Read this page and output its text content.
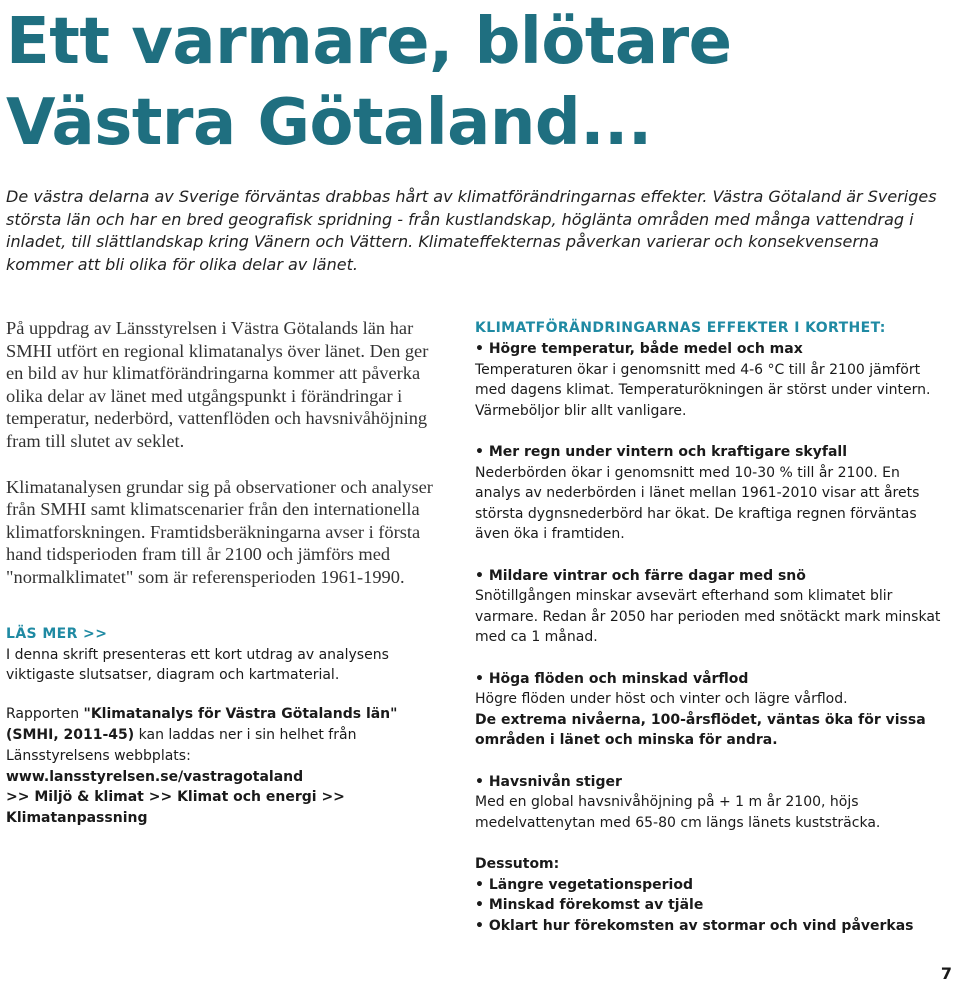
Ett varmare, blötare
Västra Götaland...

De västra delarna av Sverige förväntas drabbas hårt av klimatförändringarnas effekter. Västra Götaland är Sveriges största län och har en bred geografisk spridning - från kustlandskap, höglänta områden med många vattendrag i inladet, till slättlandskap kring Vänern och Vättern. Klimateffekternas påverkan varierar och konsekvenserna kommer att bli olika för olika delar av länet.

På uppdrag av Länsstyrelsen i Västra Götalands län har SMHI utfört en regional klimatanalys över länet. Den ger en bild av hur klimatförändringarna kommer att påverka olika delar av länet med utgångspunkt i förändringar i temperatur, nederbörd, vattenflöden och havsnivåhöjning fram till slutet av seklet.

Klimatanalysen grundar sig på observationer och analyser från SMHI samt klimatscenarier från den internationella klimatforskningen. Framtidsberäkningarna avser i första hand tidsperioden fram till år 2100 och jämförs med "normalklimatet" som är referensperioden 1961-1990.

LÄS MER >>

I denna skrift presenteras ett kort utdrag av analysens viktigaste slutsatser, diagram och kartmaterial.

Rapporten "Klimatanalys för Västra Götalands län" (SMHI, 2011-45) kan laddas ner i sin helhet från Länsstyrelsens webbplats: www.lansstyrelsen.se/vastragotaland

>> Miljö & klimat >> Klimat och energi >> Klimatanpassning

KLIMATFÖRÄNDRINGARNAS EFFEKTER I KORTHET:

• Högre temperatur, både medel och max

Temperaturen ökar i genomsnitt med 4-6 °C till år 2100 jämfört med dagens klimat. Temperaturökningen är störst under vintern. Värmeböljor blir allt vanligare.

• Mer regn under vintern och kraftigare skyfall

Nederbörden ökar i genomsnitt med 10-30 % till år 2100. En analys av nederbörden i länet mellan 1961-2010 visar att årets största dygnsnederbörd har ökat. De kraftiga regnen förväntas även öka i framtiden.

• Mildare vintrar och färre dagar med snö

Snötillgången minskar avsevärt efterhand som klimatet blir varmare. Redan år 2050 har perioden med snötäckt mark minskat med ca 1 månad.

• Höga flöden och minskad vårflod

Högre flöden under höst och vinter och lägre vårflod.

De extrema nivåerna, 100-årsflödet, väntas öka för vissa områden i länet och minska för andra.

• Havsnivån stiger

Med en global havsnivåhöjning på + 1 m år 2100, höjs medelvattenytan med 65-80 cm längs länets kuststräcka.

Dessutom:

• Längre vegetationsperiod
• Minskad förekomst av tjäle
• Oklart hur förekomsten av stormar och vind påverkas
7
